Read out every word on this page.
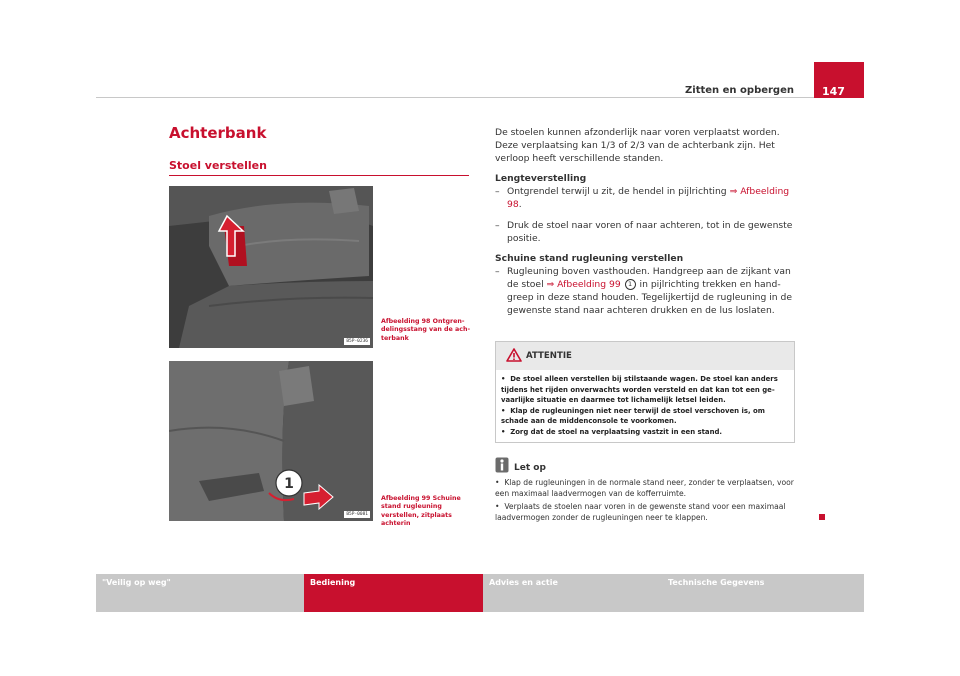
Zitten en opbergen	147
Achterbank
Stoel verstellen
B5P-0236
Afbeelding 98 Ontgrendelingsstang van de achterbank
1
B5P-0081
Afbeelding 99 Schuine stand rugleuning verstellen, zitplaats achterin

De stoelen kunnen afzonderlijk naar voren verplaatst worden. Deze verplaatsing kan 1/3 of 2/3 van de achterbank zijn. Het verloop heeft verschillende standen.

Lengteverstelling

– Ontgrendel terwijl u zit, de hendel in pijlrichting ⇒ Afbeelding 98.
– Druk de stoel naar voren of naar achteren, tot in de gewenste positie.

Schuine stand rugleuning verstellen

– Rugleuning boven vasthouden. Handgreep aan de zijkant van de stoel ⇒ Afbeelding 99 1 in pijlrichting trekken en handgreep in deze stand houden. Tegelijkertijd de rugleuning in de gewenste stand naar achteren drukken en de lus loslaten.
ATTENTIE
•  De stoel alleen verstellen bij stilstaande wagen. De stoel kan anders tijdens het rijden onverwachts worden versteld en dat kan tot een gevaarlijke situatie en daarmee tot lichamelijk letsel leiden.
•  Klap de rugleuningen niet neer terwijl de stoel verschoven is, om schade aan de middenconsole te voorkomen.
•  Zorg dat de stoel na verplaatsing vastzit in een stand.
Let op
•  Klap de rugleuningen in de normale stand neer, zonder te verplaatsen, voor een maximaal laadvermogen van de kofferruimte.
•  Verplaats de stoelen naar voren in de gewenste stand voor een maximaal laadvermogen zonder de rugleuningen neer te klappen.
"Veilig op weg"	Bediening	Advies en actie	Technische Gegevens
